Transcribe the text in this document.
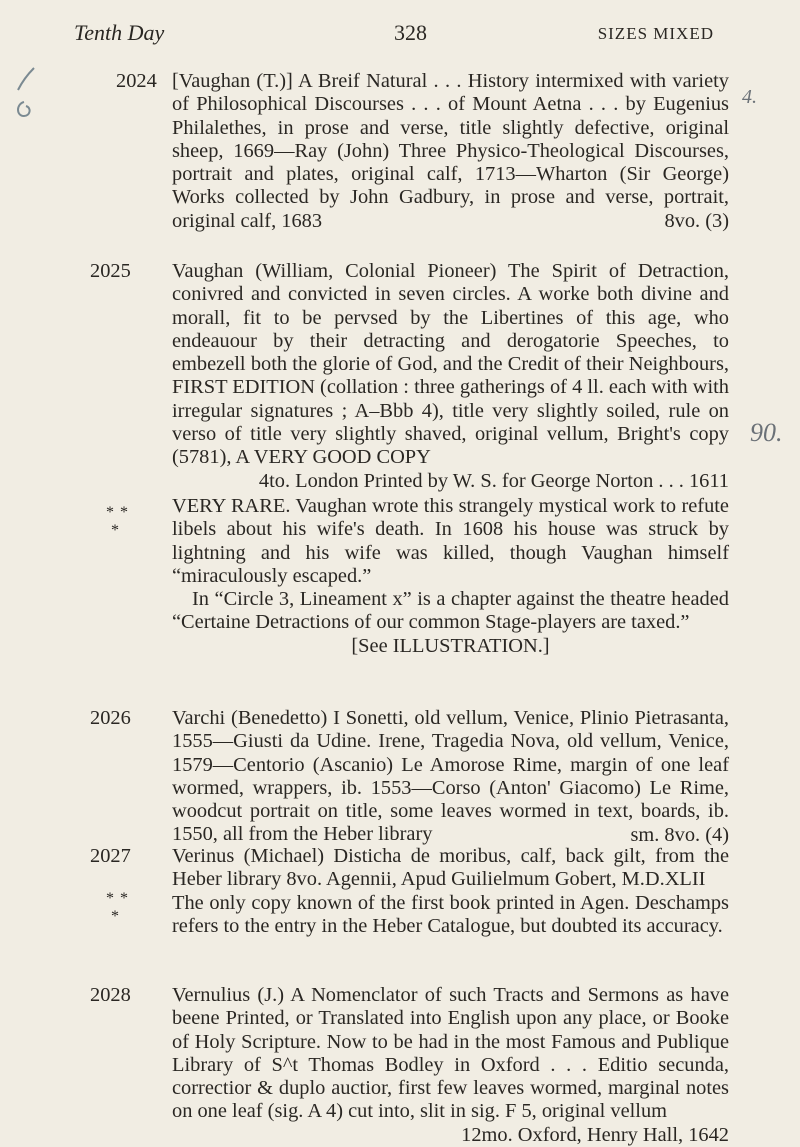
Tenth Day	328	SIZES MIXED
4.
90.
2024 [Vaughan (T.)] A Breif Natural . . . History intermixed with variety of Philosophical Discourses . . . of Mount Aetna . . . by Eugenius Philalethes, in prose and verse, title slightly defective, original sheep, 1669—Ray (John) Three Physico-Theological Discourses, portrait and plates, original calf, 1713—Wharton (Sir George) Works collected by John Gadbury, in prose and verse, portrait, original calf, 1683	8vo. (3)

2025	Vaughan (William, Colonial Pioneer) The Spirit of Detraction, conivred and convicted in seven circles. A worke both divine and morall, fit to be pervsed by the Libertines of this age, who endeauour by their detracting and derogatorie Speeches, to embezell both the glorie of God, and the Credit of their Neighbours, FIRST EDITION (collation : three gatherings of 4 ll. each with with irregular signatures ; A–Bbb 4), title very slightly soiled, rule on verso of title very slightly shaved, original vellum, Bright's copy (5781), A VERY GOOD COPY

4to. London Printed by W. S. for George Norton . . . 1611

VERY RARE. Vaughan wrote this strangely mystical work to refute libels about his wife's death. In 1608 his house was struck by lightning and his wife was killed, though Vaughan himself “miraculously escaped.”

In “Circle 3, Lineament x” is a chapter against the theatre headed “Certaine Detractions of our common Stage-players are taxed.”

[See ILLUSTRATION.]

* *
*
2026	Varchi (Benedetto) I Sonetti, old vellum, Venice, Plinio Pietrasanta, 1555—Giusti da Udine. Irene, Tragedia Nova, old vellum, Venice, 1579—Centorio (Ascanio) Le Amorose Rime, margin of one leaf wormed, wrappers, ib. 1553—Corso (Anton' Giacomo) Le Rime, woodcut portrait on title, some leaves wormed in text, boards, ib. 1550, all from the Heber library	sm. 8vo. (4)

2027	Verinus (Michael) Disticha de moribus, calf, back gilt, from the Heber library 8vo. Agennii, Apud Guilielmum Gobert, M.D.XLII

The only copy known of the first book printed in Agen. Deschamps refers to the entry in the Heber Catalogue, but doubted its accuracy.

* *
*
2028	Vernulius (J.) A Nomenclator of such Tracts and Sermons as have beene Printed, or Translated into English upon any place, or Booke of Holy Scripture. Now to be had in the most Famous and Publique Library of S^t Thomas Bodley in Oxford . . . Editio secunda, correctior & duplo auctior, first few leaves wormed, marginal notes on one leaf (sig. A 4) cut into, slit in sig. F 5, original vellum

12mo. Oxford, Henry Hall, 1642
